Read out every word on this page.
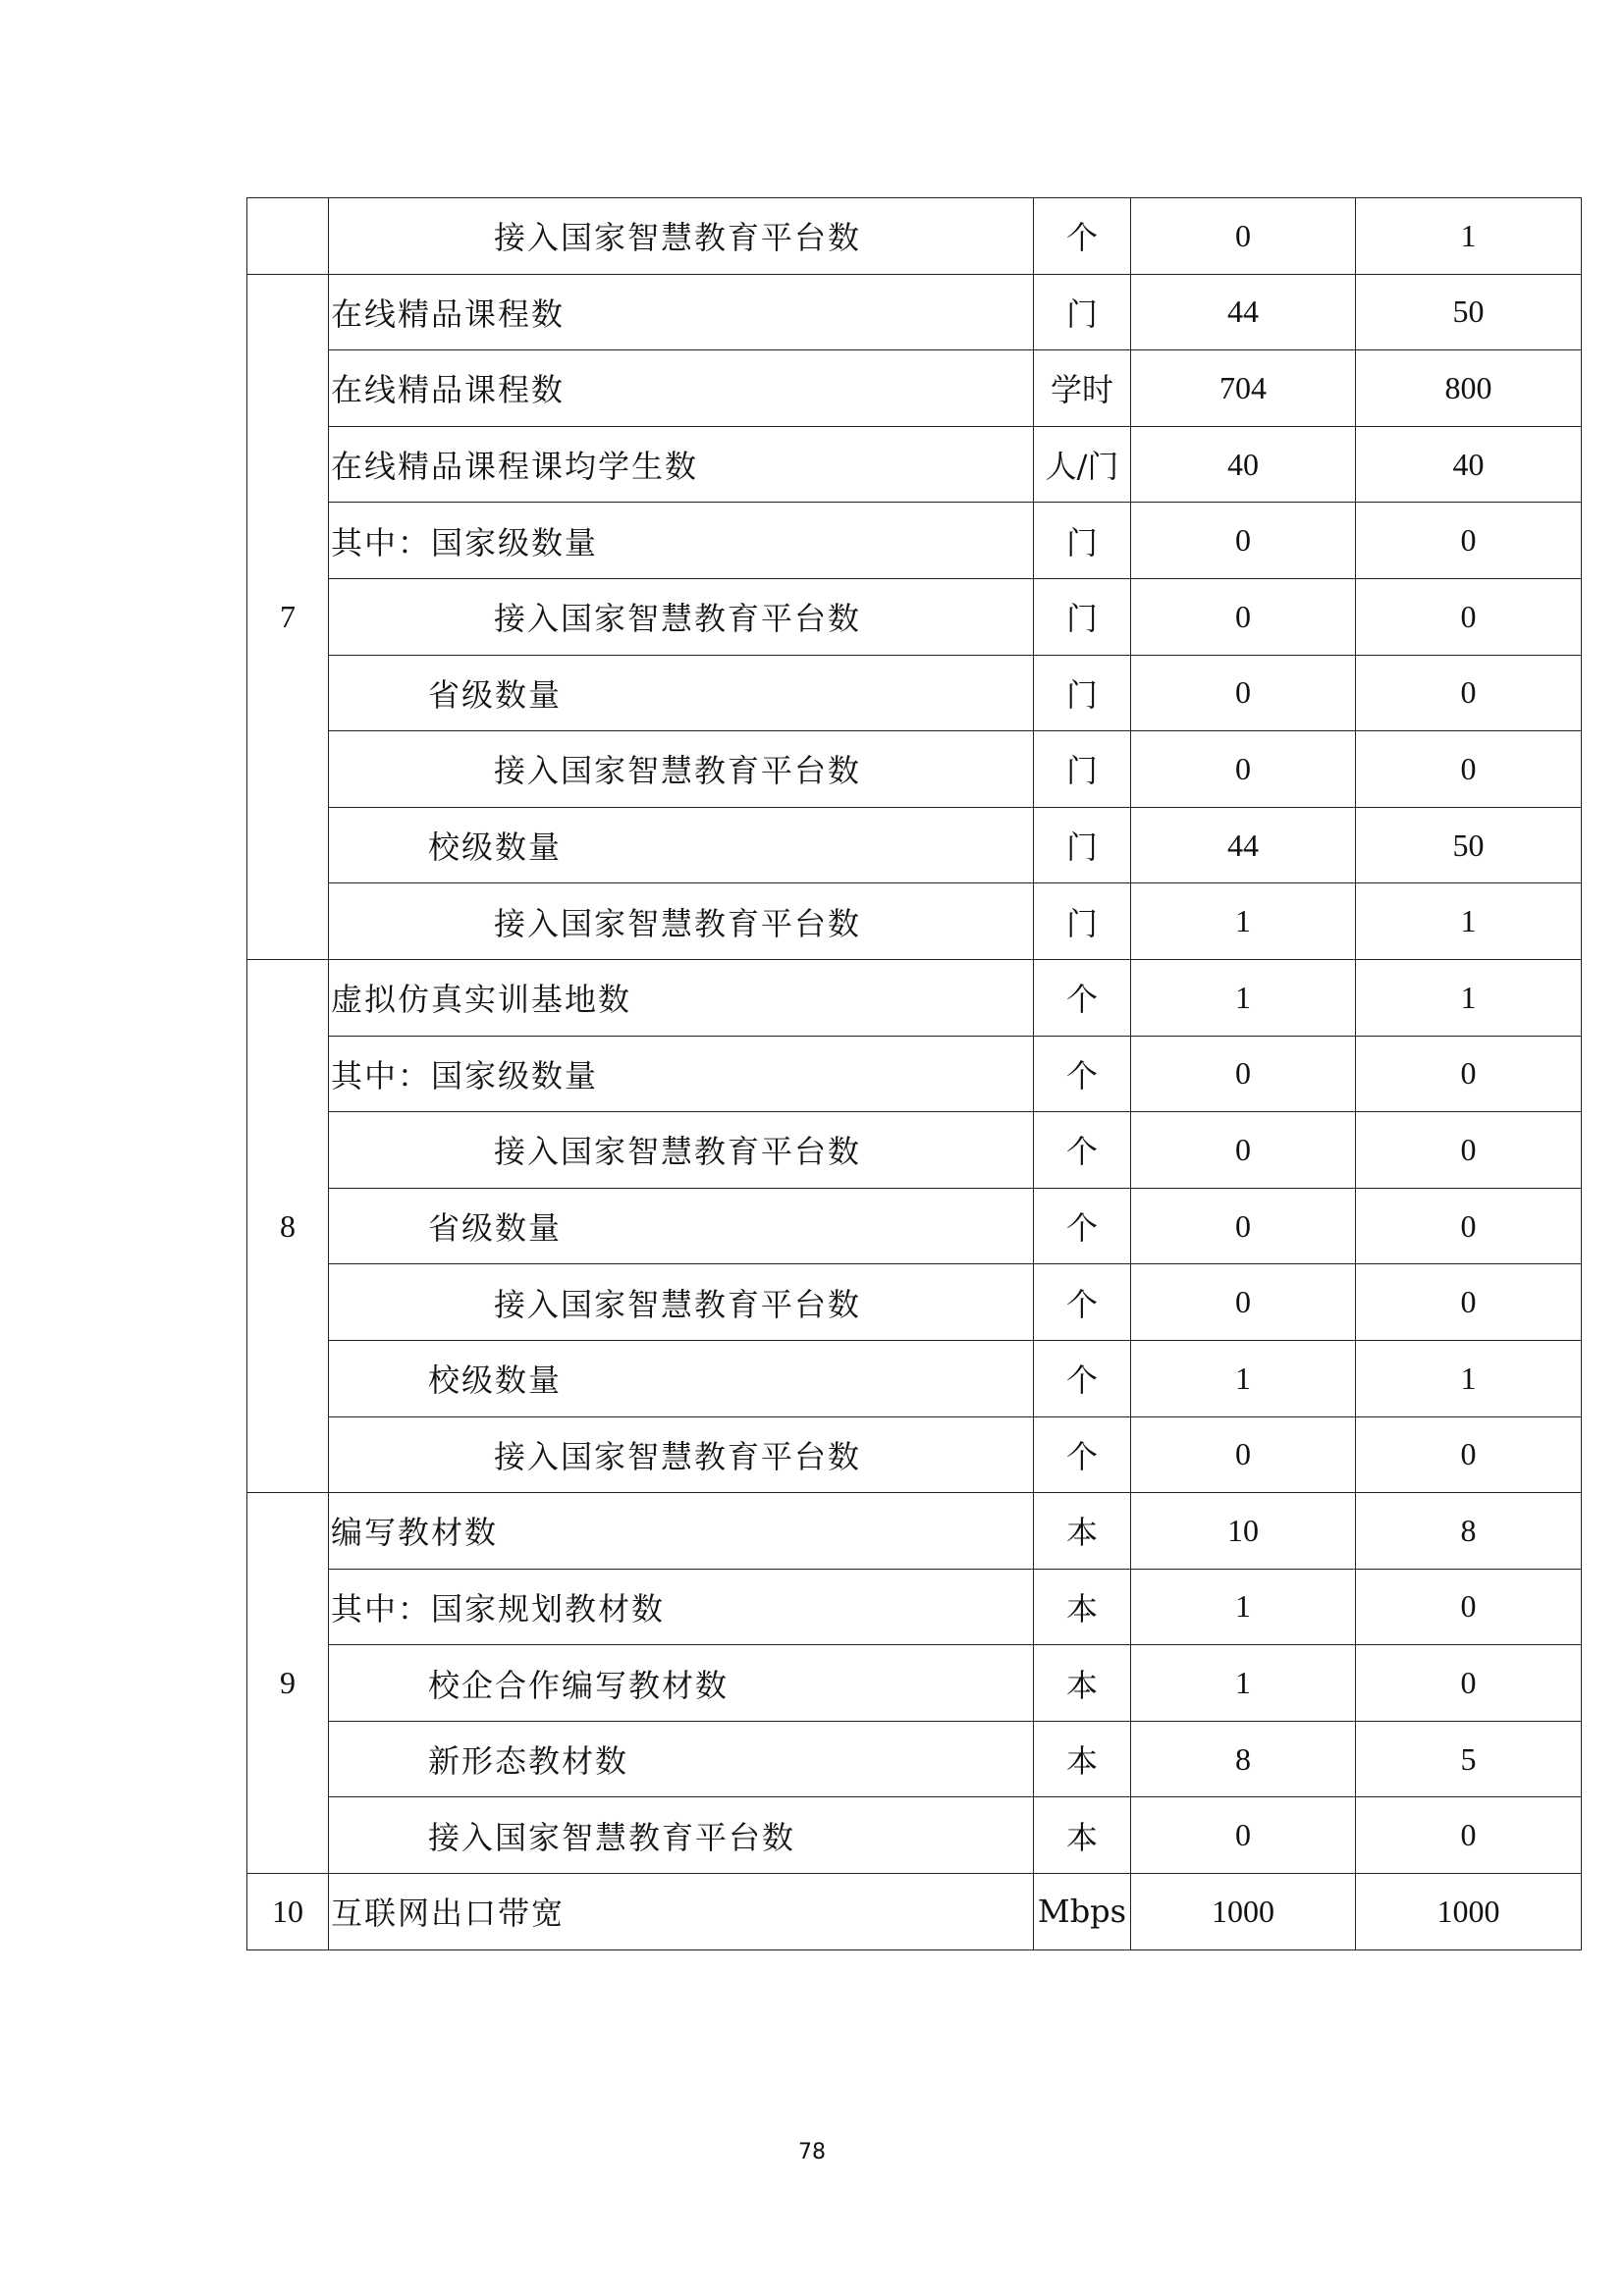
	接入国家智慧教育平台数	个	0	1
7	在线精品课程数	门	44	50
	在线精品课程数	学时	704	800
	在线精品课程课均学生数	人/门	40	40
	其中：国家级数量	门	0	0
	接入国家智慧教育平台数	门	0	0
	省级数量	门	0	0
	接入国家智慧教育平台数	门	0	0
	校级数量	门	44	50
	接入国家智慧教育平台数	门	1	1
8	虚拟仿真实训基地数	个	1	1
	其中：国家级数量	个	0	0
	接入国家智慧教育平台数	个	0	0
	省级数量	个	0	0
	接入国家智慧教育平台数	个	0	0
	校级数量	个	1	1
	接入国家智慧教育平台数	个	0	0
9	编写教材数	本	10	8
	其中：国家规划教材数	本	1	0
	校企合作编写教材数	本	1	0
	新形态教材数	本	8	5
	接入国家智慧教育平台数	本	0	0
10	互联网出口带宽	Mbps	1000	1000
78
